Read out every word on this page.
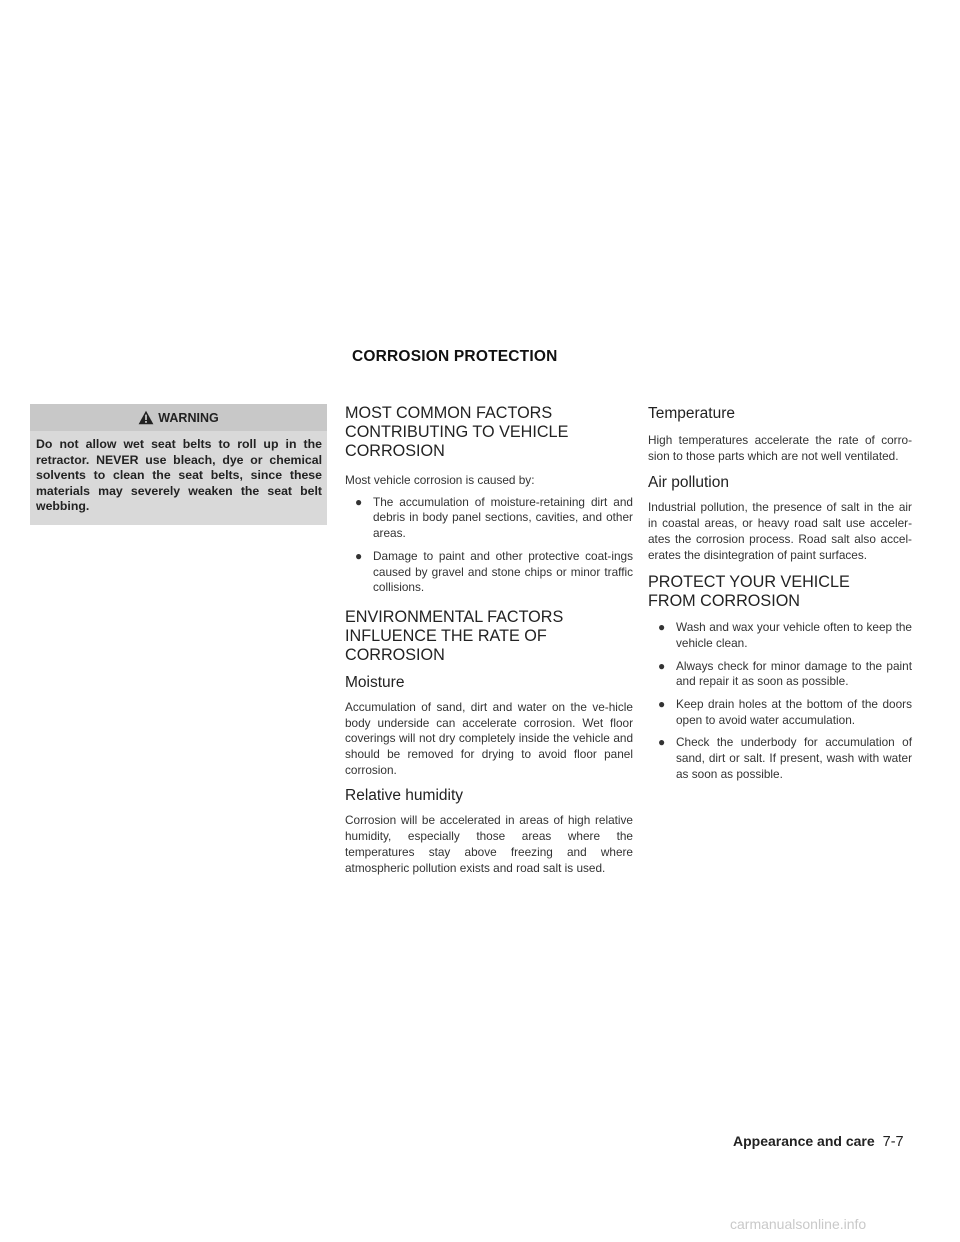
CORROSION PROTECTION
WARNING

Do not allow wet seat belts to roll up in the retractor. NEVER use bleach, dye or chemical solvents to clean the seat belts, since these materials may severely weaken the seat belt webbing.

MOST COMMON FACTORS CONTRIBUTING TO VEHICLE CORROSION

Most vehicle corrosion is caused by:

● The accumulation of moisture-retaining dirt and debris in body panel sections, cavities, and other areas.
● Damage to paint and other protective coat-ings caused by gravel and stone chips or minor traffic collisions.
ENVIRONMENTAL FACTORS INFLUENCE THE RATE OF CORROSION
Moisture

Accumulation of sand, dirt and water on the ve-hicle body underside can accelerate corrosion. Wet floor coverings will not dry completely inside the vehicle and should be removed for drying to avoid floor panel corrosion.

Relative humidity

Corrosion will be accelerated in areas of high relative humidity, especially those areas where the temperatures stay above freezing and where atmospheric pollution exists and road salt is used.

Temperature

High temperatures accelerate the rate of corro-sion to those parts which are not well ventilated.

Air pollution

Industrial pollution, the presence of salt in the air in coastal areas, or heavy road salt use acceler-ates the corrosion process. Road salt also accel-erates the disintegration of paint surfaces.

PROTECT YOUR VEHICLE FROM CORROSION
● Wash and wax your vehicle often to keep the vehicle clean.
● Always check for minor damage to the paint and repair it as soon as possible.
● Keep drain holes at the bottom of the doors open to avoid water accumulation.
● Check the underbody for accumulation of sand, dirt or salt. If present, wash with water as soon as possible.
Appearance and care 7-7
carmanualsonline.info
